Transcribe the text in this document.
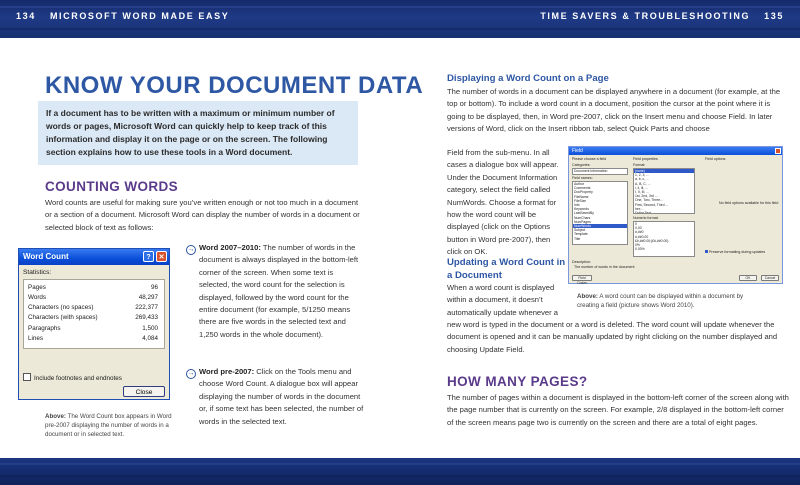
134 MICROSOFT WORD MADE EASY	TIME SAVERS & TROUBLESHOOTING 135
KNOW YOUR DOCUMENT DATA
If a document has to be written with a maximum or minimum number of words or pages, Microsoft Word can quickly help to keep track of this information and display it on the page or on the screen. The following section explains how to use these tools in a Word document.
COUNTING WORDS

Word counts are useful for making sure you’ve written enough or not too much in a document or a section of a document. Microsoft Word can display the number of words in a document or selected block of text as follows:

Word Count	?	✕
Statistics:
Pages	96
Words	48,297
Characters (no spaces)	222,377
Characters (with spaces)	269,433
Paragraphs	1,500
Lines	4,084
Include footnotes and endnotes
Close

Above: The Word Count box appears in Word pre-2007 displaying the number of words in a document or in selected text.

→ Word 2007–2010: The number of words in the document is always displayed in the bottom-left corner of the screen. When some text is selected, the word count for the selection is displayed, followed by the word count for the entire document (for example, 5/1250 means there are five words in the selected text and 1,250 words in the whole document).

→ Word pre-2007: Click on the Tools menu and choose Word Count. A dialogue box will appear displaying the number of words in the document or, if some text has been selected, the number of words in the selected text.

Displaying a Word Count on a Page

The number of words in a document can be displayed anywhere in a document (for example, at the top or bottom). To include a word count in a document, position the cursor at the point where it is going to be displayed, then, in Word pre-2007, click on the Insert menu and choose Field. In later versions of Word, click on the Insert ribbon tab, select Quick Parts and choose

Field from the sub-menu. In all cases a dialogue box will appear. Under the Document Information category, select the field called NumWords. Choose a format for how the word count will be displayed (click on the Options button in Word pre-2007), then click on OK.

Field
Please choose a field
Categories:
Document Information
Field names:
Author
Comments
DocProperty
FileName
FileSize
Info
Keywords
LastSavedBy
NumChars
NumPages
NumWords
Subject
Template
Title
Field properties
Format:
(none)
1, 2, 3, ...
a, b, c, ...
A, B, C, ...
i, ii, iii, ...
I, II, III, ...
1st, 2nd, 3rd ...
One, Two, Three...
First, Second, Third ...
hex ...
Dollar Text
Numeric format:
0
0,00
#,##0
#,##0.00
£#,##0.00;(£#,##0.00)
0%
0.00%
Field options
No field options available for this field
Preserve formatting during updates
Description:
The number of words in the document
Field Codes
OK	Cancel

Above: A word count can be displayed within a document by creating a field (picture shows Word 2010).

Updating a Word Count in a Document

When a word count is displayed within a document, it doesn’t automatically update whenever a

new word is typed in the document or a word is deleted. The word count will update whenever the document is opened and it can be manually updated by right clicking on the number displayed and choosing Update Field.

HOW MANY PAGES?

The number of pages within a document is displayed in the bottom-left corner of the screen along with the page number that is currently on the screen. For example, 2/8 displayed in the bottom-left corner of the screen means page two is currently on the screen and there are a total of eight pages.
